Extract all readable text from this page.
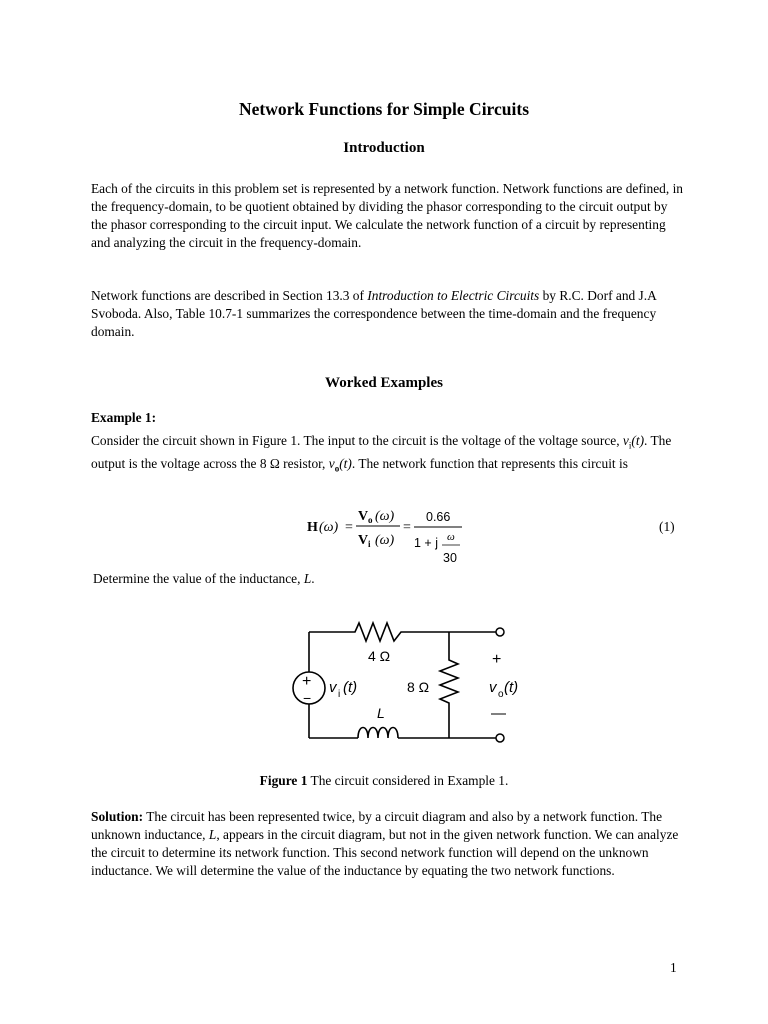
Network Functions for Simple Circuits
Introduction
Each of the circuits in this problem set is represented by a network function. Network functions are defined, in the frequency-domain, to be quotient obtained by dividing the phasor corresponding to the circuit output by the phasor corresponding to the circuit input. We calculate the network function of a circuit by representing and analyzing the circuit in the frequency-domain.
Network functions are described in Section 13.3 of Introduction to Electric Circuits by R.C. Dorf and J.A Svoboda. Also, Table 10.7-1 summarizes the correspondence between the time-domain and the frequency domain.
Worked Examples
Example 1:
Consider the circuit shown in Figure 1. The input to the circuit is the voltage of the voltage source, $v_i(t)$. The output is the voltage across the 8 Ω resistor, $v_o(t)$. The network function that represents this circuit is
H (ω) =
V o (ω)
V i (ω)
=
0.66
1 + j ω
30
(1)
Determine the value of the inductance, L.
+
−
4 Ω
8 Ω
L
v i (t)
+
—
v o (t)
Figure 1 The circuit considered in Example 1.
Solution: The circuit has been represented twice, by a circuit diagram and also by a network function. The unknown inductance, L, appears in the circuit diagram, but not in the given network function. We can analyze the circuit to determine its network function. This second network function will depend on the unknown inductance. We will determine the value of the inductance by equating the two network functions.
1
